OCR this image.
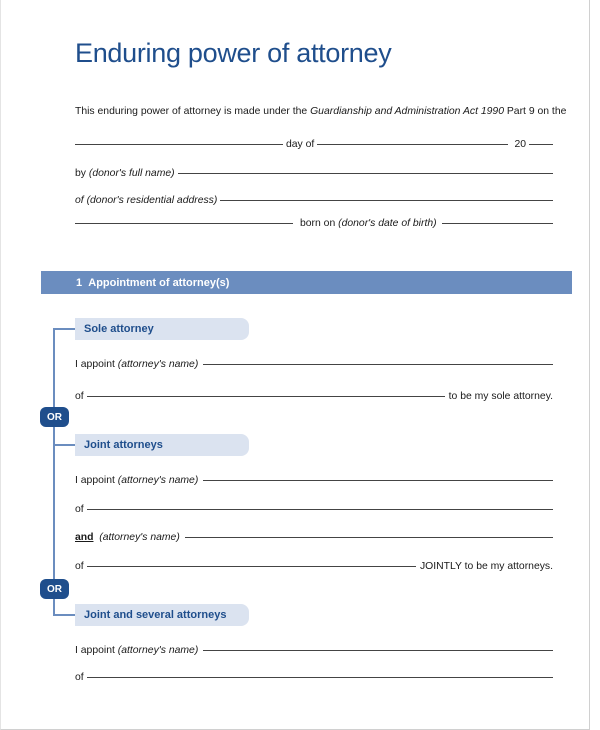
Enduring power of attorney
This enduring power of attorney is made under the
Guardianship and Administration Act 1990
Part 9 on the
day of	20
by
(donor's full name)
of
(donor's residential address)
born on
(donor's date of birth)
1
Appointment of attorney(s)
Sole attorney
I appoint
(attorney's name)
of	to be my sole attorney.
OR
Joint attorneys
I appoint
(attorney's name)
of
and
(attorney's name)
of	JOINTLY to be my attorneys.
OR
Joint and several attorneys
I appoint
(attorney's name)
of
